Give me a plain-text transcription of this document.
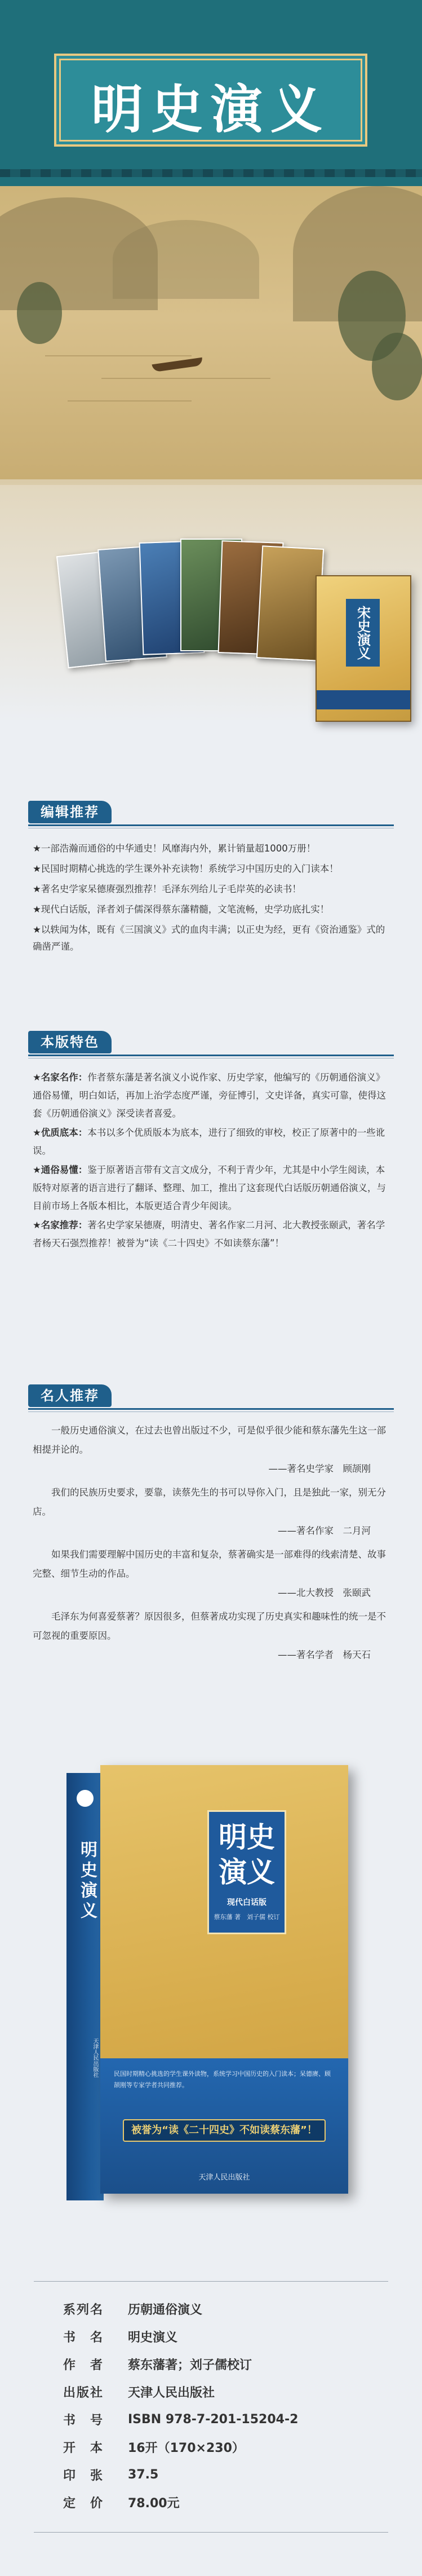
明史演义
宋史演义
编辑推荐
★ 一部浩瀚而通俗的中华通史！风靡海内外，累计销量超1000万册！
★ 民国时期精心挑选的学生课外补充读物！系统学习中国历史的入门读本！
★ 著名史学家呆德赓强烈推荐！毛泽东列给儿子毛岸英的必读书！
★ 现代白话版，泽者刘子儒深得蔡东藩精髓，文笔流畅，史学功底扎实！
★ 以轶闻为体，既有《三国演义》式的血肉丰满；以正史为经，更有《资治通鉴》式的确凿严谨。
本版特色
★ 名家名作：作者蔡东藩是著名演义小说作家、历史学家，他编写的《历朝通俗演义》通俗易懂，明白如话，再加上治学态度严谨，旁征博引，文史详备，真实可靠，使得这套《历朝通俗演义》深受读者喜爱。
★ 优质底本：本书以多个优质版本为底本，进行了细致的审校，校正了原著中的一些讹误。
★ 通俗易懂：鉴于原著语言带有文言文成分，不利于青少年，尤其是中小学生阅读，本版特对原著的语言进行了翻译、整理、加工，推出了这套现代白话版历朝通俗演义，与目前市场上各版本相比，本版更适合青少年阅读。
★ 名家推荐：著名史学家呆德赓，明清史、著名作家二月河、北大教授张颐武，著名学者杨天石强烈推荐！被誉为“读《二十四史》不如读蔡东藩”！
名人推荐
一般历史通俗演义，在过去也曾出版过不少，可是似乎很少能和蔡东藩先生这一部相提并论的。
——著名史学家　顾颉刚
我们的民族历史要求，要靠，读蔡先生的书可以导你入门，且是独此一家，别无分店。
——著名作家　二月河
如果我们需要理解中国历史的丰富和复杂，蔡著确实是一部难得的线索清楚、故事完整、细节生动的作品。
——北大教授　张颐武
毛泽东为何喜爱蔡著？原因很多，但蔡著成功实现了历史真实和趣味性的统一是不可忽视的重要原因。
——著名学者　杨天石
明史演义
天津人民出版社
明史演义
现代白话版
蔡东藩 著　刘子儒 校订
民国时期精心挑选的学生课外读物，系统学习中国历史的入门读本；呆德赓、顾颉刚等专家学者共同推荐。
被誉为“读《二十四史》不如读蔡东藩”！
天津人民出版社
系列名	历朝通俗演义
书　名	明史演义
作　者	蔡东藩著；刘子儒校订
出版社	天津人民出版社
书　号	ISBN 978-7-201-15204-2
开　本	16开（170×230）
印　张	37.5
定　价	78.00元
